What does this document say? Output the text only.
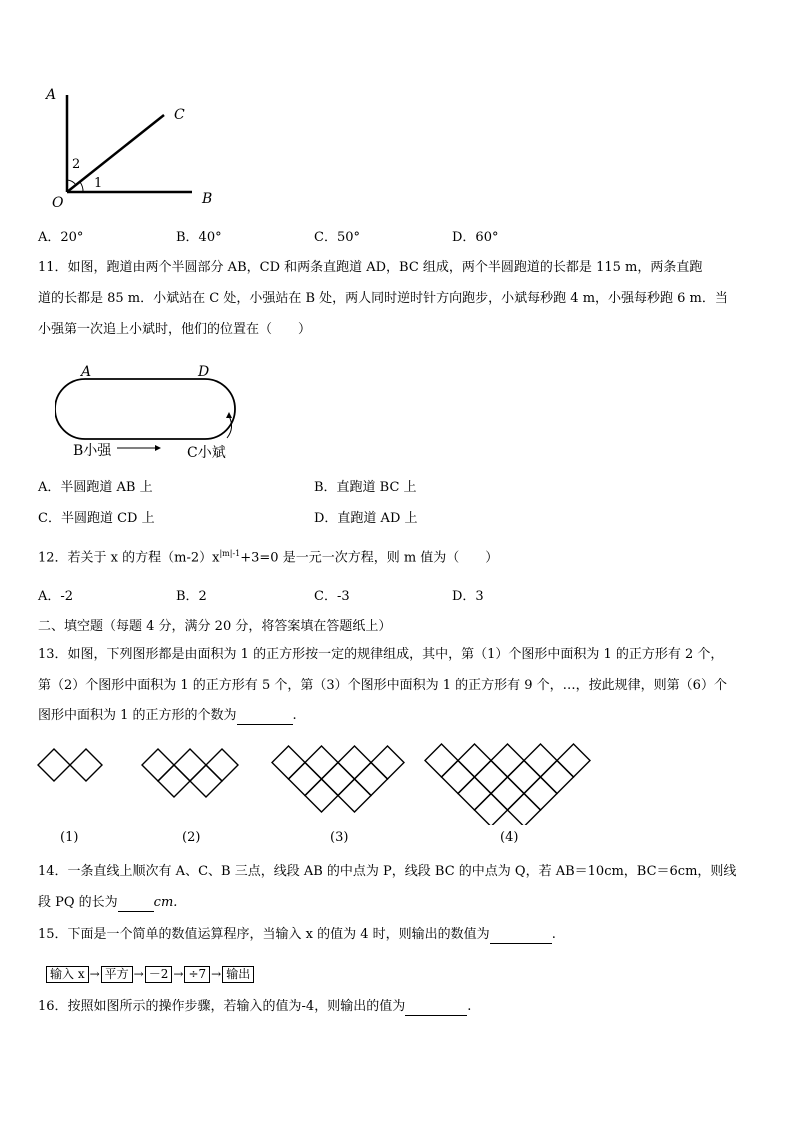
A
C
B
O
2
1
A．20°	B．40°	C．50°	D．60°
11．如图，跑道由两个半圆部分 AB，CD 和两条直跑道 AD，BC 组成，两个半圆跑道的长都是 115 m，两条直跑
道的长都是 85 m．小斌站在 C 处，小强站在 B 处，两人同时逆时针方向跑步，小斌每秒跑 4 m，小强每秒跑 6 m．当
小强第一次追上小斌时，他们的位置在（　　）
A	D
B小强	C小斌
A．半圆跑道 AB 上	B．直跑道 BC 上
C．半圆跑道 CD 上	D．直跑道 AD 上
12．若关于 x 的方程$(m-2)x^{|m|-1}+3=0$ 是一元一次方程，则 m 值为（　　）
A．-2	B．2	C．-3	D．3
二、填空题（每题 4 分，满分 20 分，将答案填在答题纸上）
13．如图，下列图形都是由面积为 1 的正方形按一定的规律组成，其中，第（1）个图形中面积为 1 的正方形有 2 个，
第（2）个图形中面积为 1 的正方形有 5 个，第（3）个图形中面积为 1 的正方形有 9 个，…，按此规律，则第（6）个
图形中面积为 1 的正方形的个数为	.
(1)	(2)	(3)	(4)
14．一条直线上顺次有 A、C、B 三点，线段 AB 的中点为 P，线段 BC 的中点为 Q，若 AB＝10cm，BC＝6cm，则线
段 PQ 的长为	cm.
15．下面是一个简单的数值运算程序，当输入 x 的值为 4 时，则输出的数值为	.
输入 x → 平方 → －2 → ÷7 → 输出
16．按照如图所示的操作步骤，若输入的值为-4，则输出的值为	.
